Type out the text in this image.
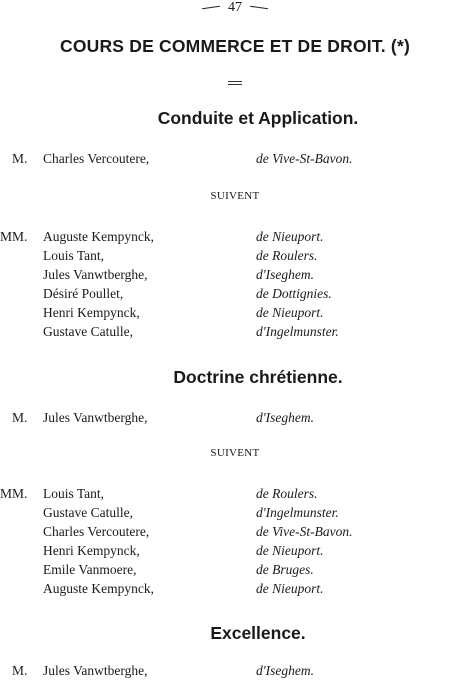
47
COURS DE COMMERCE ET DE DROIT. (*)
Conduite et Application.
M. Charles Vercoutere,	de Vive-St-Bavon.
SUIVENT
MM. Auguste Kempynck,	de Nieuport.
Louis Tant,	de Roulers.
Jules Vanwtberghe,	d'Iseghem.
Désiré Poullet,	de Dottignies.
Henri Kempynck,	de Nieuport.
Gustave Catulle,	d'Ingelmunster.
Doctrine chrétienne.
M. Jules Vanwtberghe,	d'Iseghem.
SUIVENT
MM. Louis Tant,	de Roulers.
Gustave Catulle,	d'Ingelmunster.
Charles Vercoutere,	de Vive-St-Bavon.
Henri Kempynck,	de Nieuport.
Emile Vanmoere,	de Bruges.
Auguste Kempynck,	de Nieuport.
Excellence.
M. Jules Vanwtberghe,	d'Iseghem.
